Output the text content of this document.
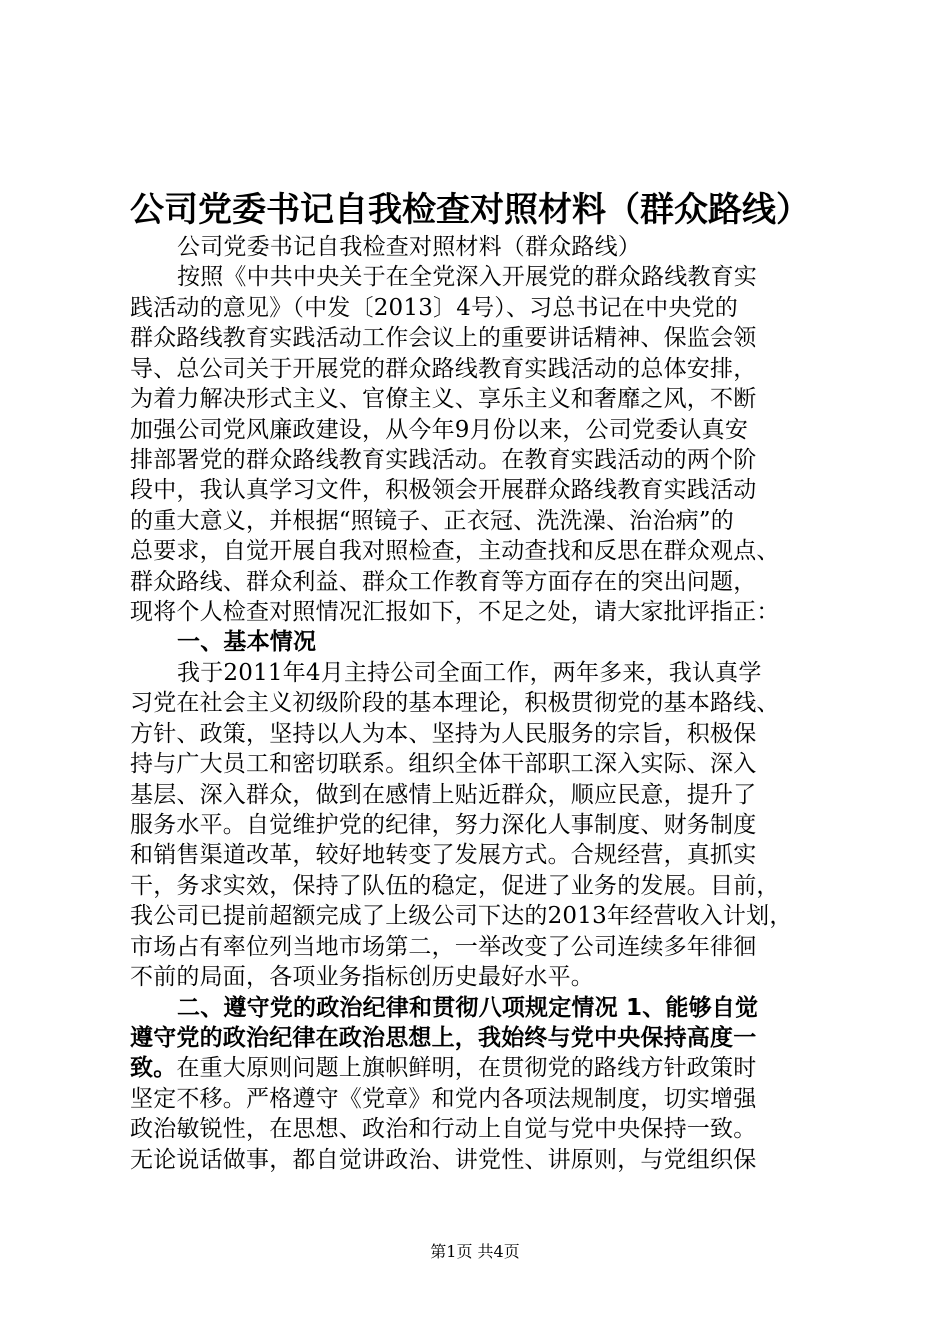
公司党委书记自我检查对照材料（群众路线）
公司党委书记自我检查对照材料（群众路线）
按照《中共中央关于在全党深入开展党的群众路线教育实
践活动的意见》（中发〔2013〕4号）、习总书记在中央党的
群众路线教育实践活动工作会议上的重要讲话精神、保监会领
导、总公司关于开展党的群众路线教育实践活动的总体安排，
为着力解决形式主义、官僚主义、享乐主义和奢靡之风，不断
加强公司党风廉政建设，从今年9月份以来，公司党委认真安
排部署党的群众路线教育实践活动。在教育实践活动的两个阶
段中，我认真学习文件，积极领会开展群众路线教育实践活动
的重大意义，并根据“照镜子、正衣冠、洗洗澡、治治病”的
总要求，自觉开展自我对照检查，主动查找和反思在群众观点、
群众路线、群众利益、群众工作教育等方面存在的突出问题，
现将个人检查对照情况汇报如下，不足之处，请大家批评指正：
一、基本情况
我于2011年4月主持公司全面工作，两年多来，我认真学
习党在社会主义初级阶段的基本理论，积极贯彻党的基本路线、
方针、政策，坚持以人为本、坚持为人民服务的宗旨，积极保
持与广大员工和密切联系。组织全体干部职工深入实际、深入
基层、深入群众，做到在感情上贴近群众，顺应民意，提升了
服务水平。自觉维护党的纪律，努力深化人事制度、财务制度
和销售渠道改革，较好地转变了发展方式。合规经营，真抓实
干，务求实效，保持了队伍的稳定，促进了业务的发展。目前，
我公司已提前超额完成了上级公司下达的2013年经营收入计划，
市场占有率位列当地市场第二，一举改变了公司连续多年徘徊
不前的局面，各项业务指标创历史最好水平。
二、遵守党的政治纪律和贯彻八项规定情况 1、能够自觉
遵守党的政治纪律在政治思想上，我始终与党中央保持高度一
致。在重大原则问题上旗帜鲜明，在贯彻党的路线方针政策时
坚定不移。严格遵守《党章》和党内各项法规制度，切实增强
政治敏锐性，在思想、政治和行动上自觉与党中央保持一致。
无论说话做事，都自觉讲政治、讲党性、讲原则，与党组织保
第1页 共4页
